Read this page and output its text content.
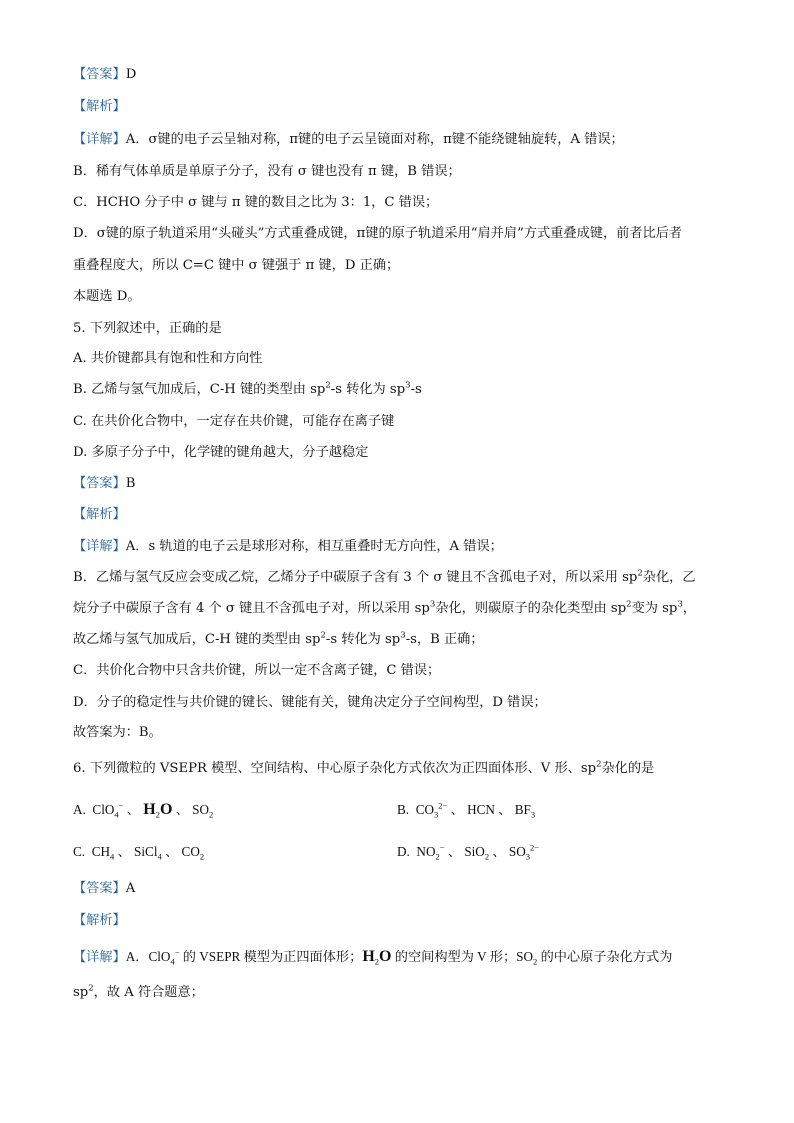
【答案】D
【解析】
【详解】A．σ键的电子云呈轴对称，π键的电子云呈镜面对称，π键不能绕键轴旋转，A 错误；
B．稀有气体单质是单原子分子，没有 σ 键也没有 π 键，B 错误；
C．HCHO 分子中 σ 键与 π 键的数目之比为 3：1，C 错误；
D．σ键的原子轨道采用“头碰头”方式重叠成键，π键的原子轨道采用“肩并肩”方式重叠成键，前者比后者
重叠程度大，所以 C=C 键中 σ 键强于 π 键，D 正确；
本题选 D。
5. 下列叙述中，正确的是
A. 共价键都具有饱和性和方向性
B. 乙烯与氢气加成后，C-H 键的类型由 $sp^2-s$ 转化为 $sp^3-s$
C. 在共价化合物中，一定存在共价键，可能存在离子键
D. 多原子分子中，化学键的键角越大，分子越稳定
【答案】B
【解析】
【详解】A．s 轨道的电子云是球形对称，相互重叠时无方向性，A 错误；
B．乙烯与氢气反应会变成乙烷，乙烯分子中碳原子含有 3 个 σ 键且不含孤电子对，所以采用 $sp^2$杂化，乙
烷分子中碳原子含有 4 个 σ 键且不含孤电子对，所以采用 $sp^3$杂化，则碳原子的杂化类型由 $sp^2$变为 $sp^3$，
故乙烯与氢气加成后，C-H 键的类型由 $sp^2-s$ 转化为 $sp^3-s$，B 正确；
C．共价化合物中只含共价键，所以一定不含离子键，C 错误；
D．分子的稳定性与共价键的键长、键能有关，键角决定分子空间构型，D 错误；
故答案为：B。
6. 下列微粒的 VSEPR 模型、空间结构、中心原子杂化方式依次为正四面体形、V 形、$sp^2$杂化的是
A. ClO$_4$− 、 $H_2O$ 、 $SO_2$	B. $CO_3^{2-}$ 、 HCN 、 $BF_3$
C. $CH_4$ 、 SiCl$_4$ 、 $CO_2$	D. $NO_2^-$ 、 SiO$_2$ 、 $SO_3^{2-}$
【答案】A
【解析】
【详解】A．ClO$_4$− 的 VSEPR 模型为正四面体形；$H_2O$ 的空间构型为 V 形；$SO_2$ 的中心原子杂化方式为
$sp^2$，故 A 符合题意；
